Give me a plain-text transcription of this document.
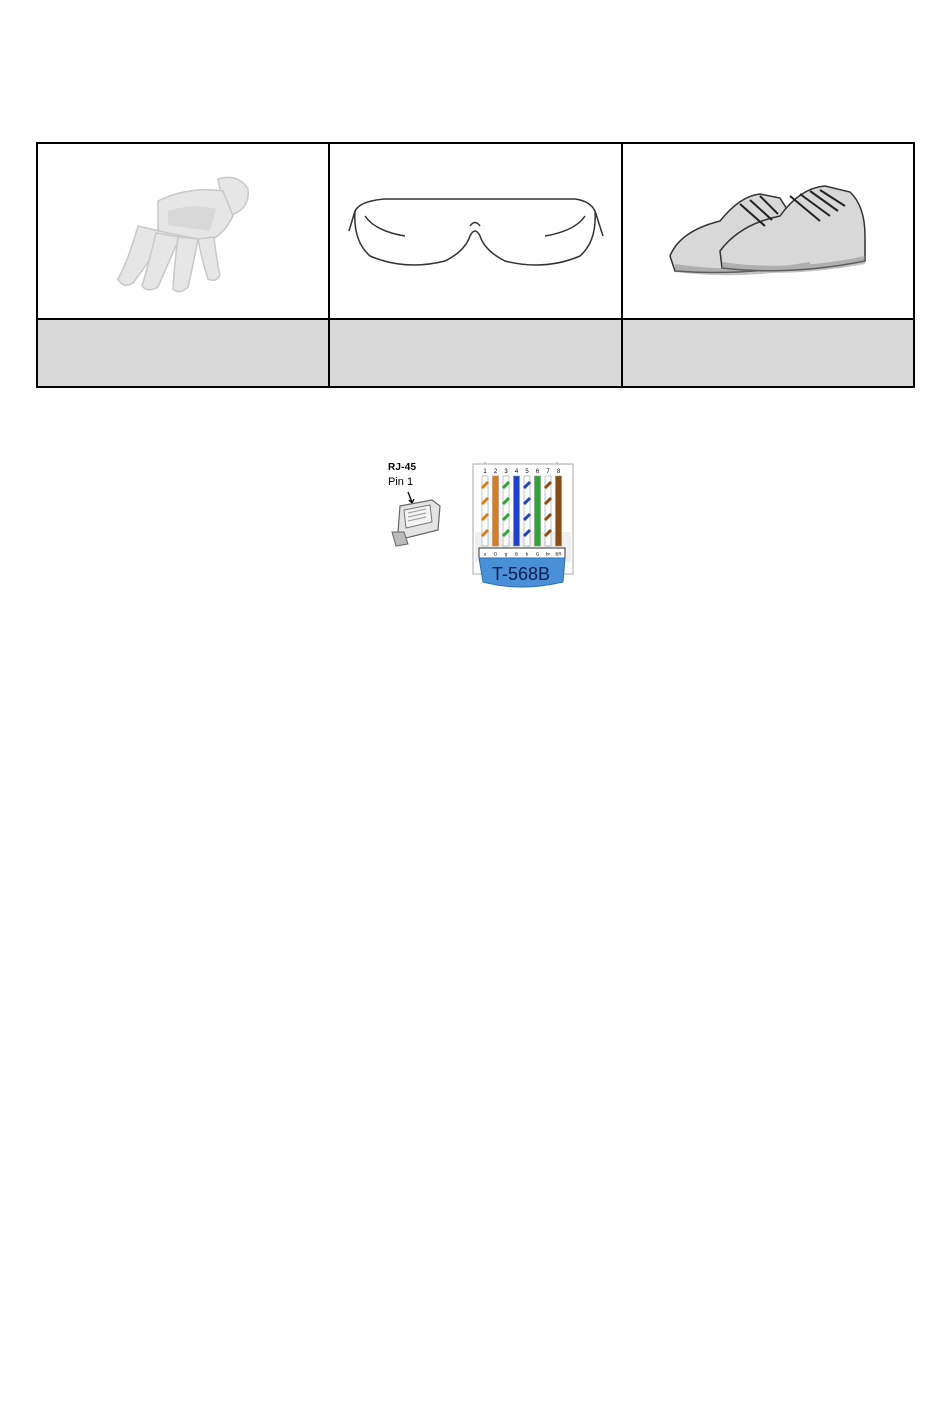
RJ-45
Pin 1
1 2 3 4 5 6 7 8
o O g B b G br BR
T-568B
